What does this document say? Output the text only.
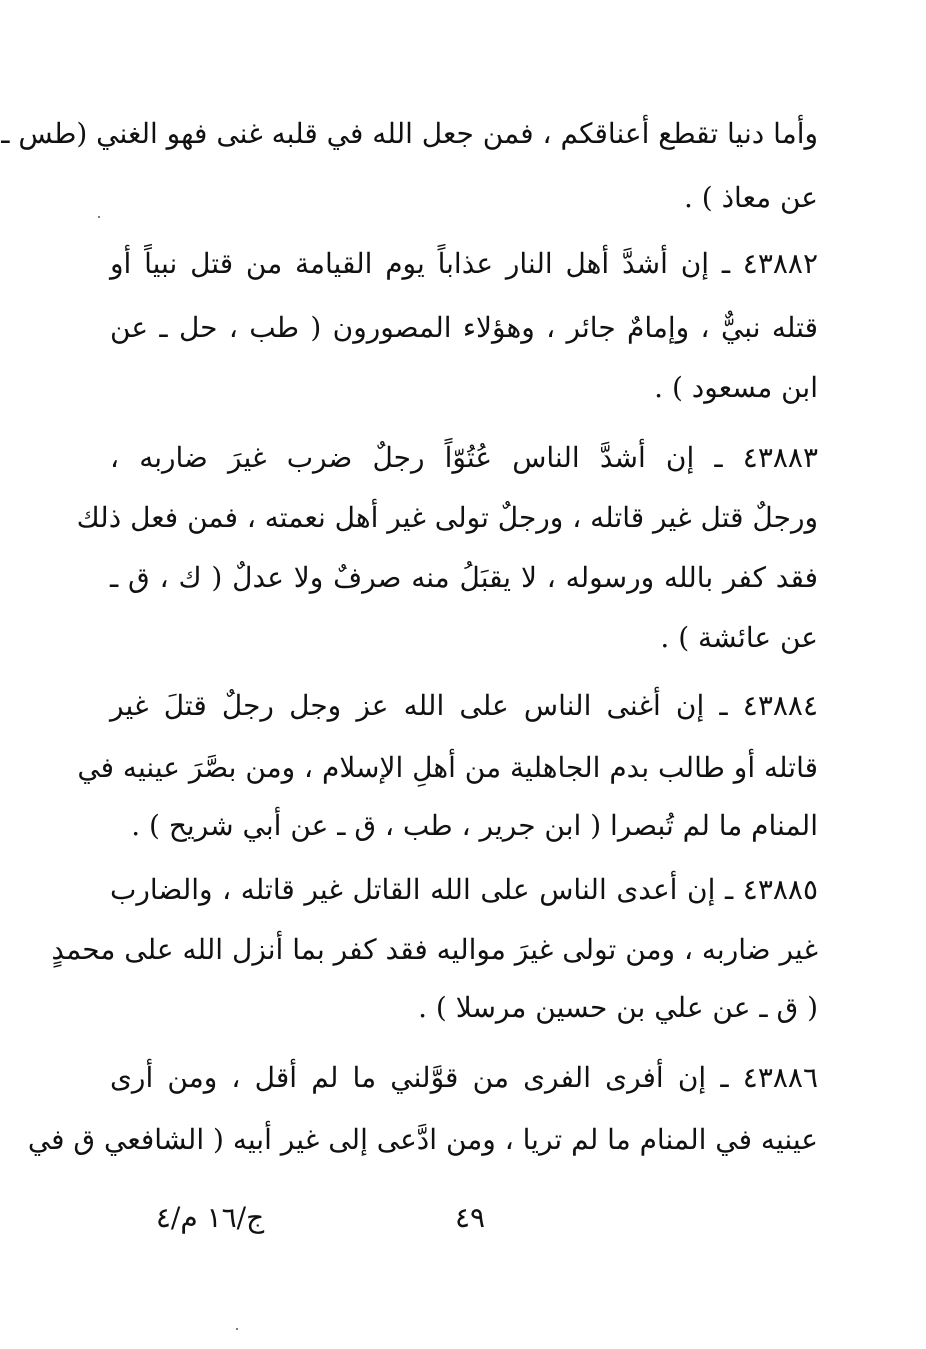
وأما دنيا تقطع أعناقكم ، فمن جعل الله في قلبه غنى فهو الغني (طس ـ
عن معاذ ) .
٤٣٨٨٢ ـ إن أشدَّ أهل النار عذاباً يوم القيامة من قتل نبياً أو
قتله نبيٌّ ، وإمامٌ جائر ، وهؤلاء المصورون ( طب ، حل ـ عن
ابن مسعود ) .
٤٣٨٨٣ ـ إن أشدَّ الناس عُتُوّاً رجلٌ ضرب غيرَ ضاربه ،
ورجلٌ قتل غير قاتله ، ورجلٌ تولى غير أهل نعمته ، فمن فعل ذلك
فقد كفر بالله ورسوله ، لا يقبَلُ منه صرفٌ ولا عدلٌ ( ك ، ق ـ
عن عائشة ) .
٤٣٨٨٤ ـ إن أغنى الناس على الله عز وجل رجلٌ قتلَ غير
قاتله أو طالب بدم الجاهلية من أهلِ الإسلام ، ومن بصَّرَ عينيه في
المنام ما لم تُبصرا ( ابن جرير ، طب ، ق ـ عن أبي شريح ) .
٤٣٨٨٥ ـ إن أعدى الناس على الله القاتل غير قاتله ، والضارب
غير ضاربه ، ومن تولى غيرَ مواليه فقد كفر بما أنزل الله على محمدٍ
( ق ـ عن علي بن حسين مرسلا ) .
٤٣٨٨٦ ـ إن أفرى الفرى من قوَّلني ما لم أقل ، ومن أرى
عينيه في المنام ما لم تريا ، ومن ادَّعى إلى غير أبيه ( الشافعي ق في
٤٩
ج/١٦ م/٤
